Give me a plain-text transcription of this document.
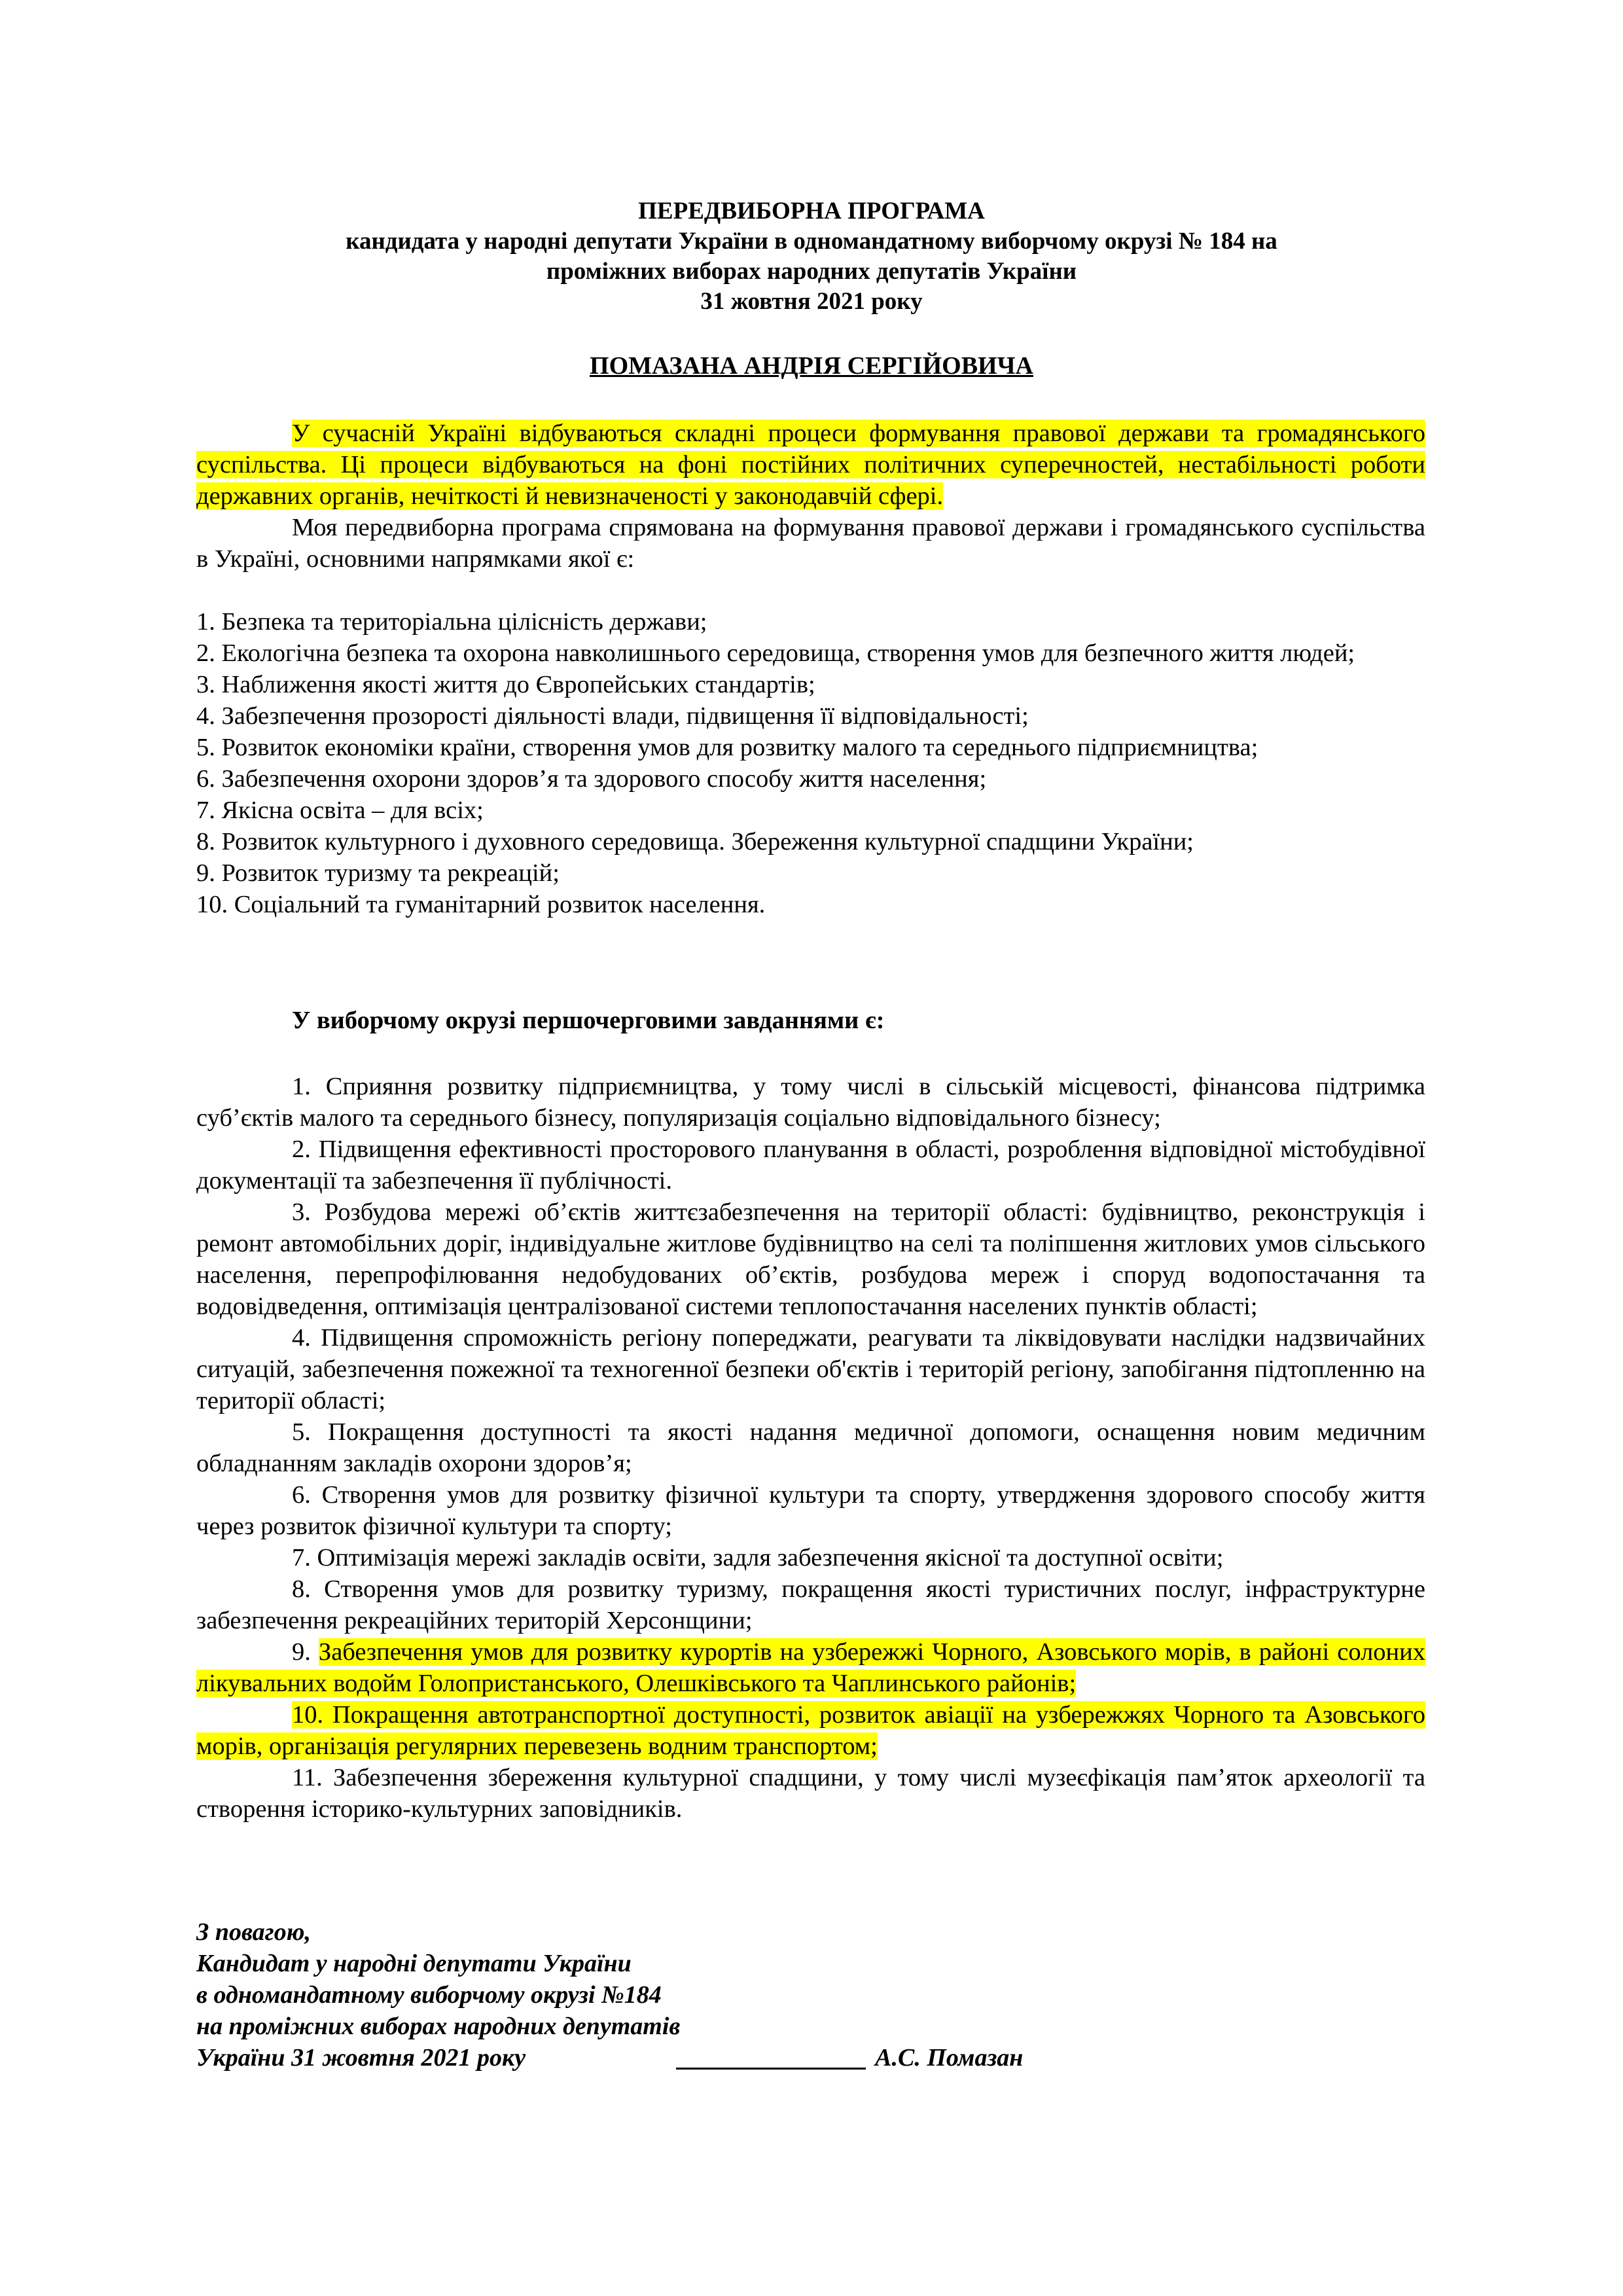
ПЕРЕДВИБОРНА ПРОГРАМА
кандидата у народні депутати України в одномандатному виборчому окрузі № 184 на
проміжних виборах народних депутатів України
31 жовтня 2021 року
ПОМАЗАНА АНДРІЯ СЕРГІЙОВИЧА

У сучасній Україні відбуваються складні процеси формування правової держави та громадянського суспільства. Ці процеси відбуваються на фоні постійних політичних суперечностей, нестабільності роботи державних органів, нечіткості й невизначеності у законодавчій сфері.

Моя передвиборна програма спрямована на формування правової держави і громадянського суспільства в Україні, основними напрямками якої є:

1. Безпека та територіальна цілісність держави;

2. Екологічна безпека та охорона навколишнього середовища, створення умов для безпечного життя людей;

3. Наближення якості життя до Європейських стандартів;

4. Забезпечення прозорості діяльності влади, підвищення її відповідальності;

5. Розвиток економіки країни, створення умов для розвитку малого та середнього підприємництва;

6. Забезпечення охорони здоров’я та здорового способу життя населення;

7. Якісна освіта – для всіх;

8. Розвиток культурного і духовного середовища. Збереження культурної спадщини України;

9. Розвиток туризму та рекреацій;

10. Соціальний та гуманітарний розвиток населення.

У виборчому окрузі першочерговими завданнями є:

1. Сприяння розвитку підприємництва, у тому числі в сільській місцевості, фінансова підтримка суб’єктів малого та середнього бізнесу, популяризація соціально відповідального бізнесу;

2. Підвищення ефективності просторового планування в області, розроблення відповідної містобудівної документації та забезпечення її публічності.

3. Розбудова мережі об’єктів життєзабезпечення на території області: будівництво, реконструкція і ремонт автомобільних доріг, індивідуальне житлове будівництво на селі та поліпшення житлових умов сільського населення, перепрофілювання недобудованих об’єктів, розбудова мереж і споруд водопостачання та водовідведення, оптимізація централізованої системи теплопостачання населених пунктів області;

4. Підвищення спроможність регіону попереджати, реагувати та ліквідовувати наслідки надзвичайних ситуацій, забезпечення пожежної та техногенної безпеки об'єктів і територій регіону, запобігання підтопленню на території області;

5. Покращення доступності та якості надання медичної допомоги, оснащення новим медичним обладнанням закладів охорони здоров’я;

6. Створення умов для розвитку фізичної культури та спорту, утвердження здорового способу життя через розвиток фізичної культури та спорту;

7. Оптимізація мережі закладів освіти, задля забезпечення якісної та доступної освіти;

8. Створення умов для розвитку туризму, покращення якості туристичних послуг, інфраструктурне забезпечення рекреаційних територій Херсонщини;

9. Забезпечення умов для розвитку курортів на узбережжі Чорного, Азовського морів, в районі солоних лікувальних водойм Голопристанського, Олешківського та Чаплинського районів;

10. Покращення автотранспортної доступності, розвиток авіації на узбережжях Чорного та Азовського морів, організація регулярних перевезень водним транспортом;

11. Забезпечення збереження культурної спадщини, у тому числі музеєфікація пам’яток археології та створення історико-культурних заповідників.

З повагою,
Кандидат у народні депутати України
в одномандатному виборчому окрузі №184
на проміжних виборах народних депутатів
України 31 жовтня 2021 року	А.С. Помазан
